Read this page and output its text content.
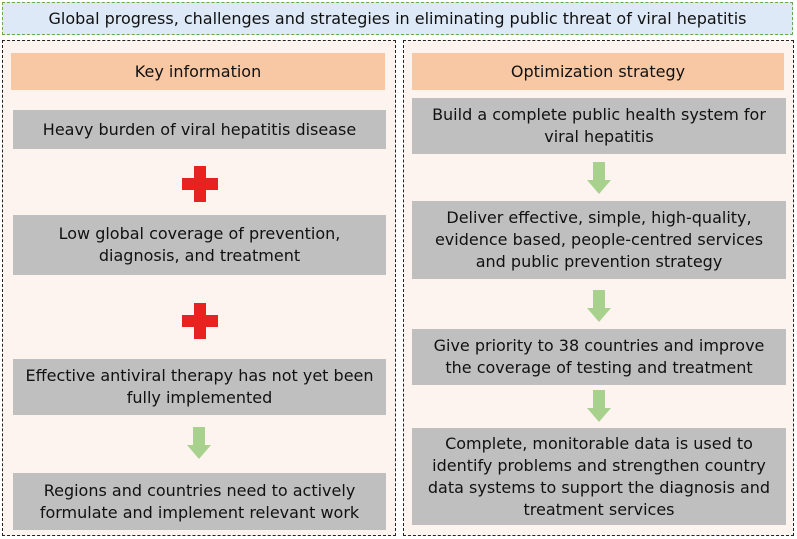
Global progress, challenges and strategies in eliminating public threat of viral hepatitis
Key information
Heavy burden of viral hepatitis disease
Low global coverage of prevention, diagnosis, and treatment
Effective antiviral therapy has not yet been fully implemented
Regions and countries need to actively formulate and implement relevant work
Optimization strategy
Build a complete public health system for viral hepatitis
Deliver effective, simple, high-quality, evidence based, people-centred services and public prevention strategy
Give priority to 38 countries and improve the coverage of testing and treatment
Complete, monitorable data is used to identify problems and strengthen country data systems to support the diagnosis and treatment services
